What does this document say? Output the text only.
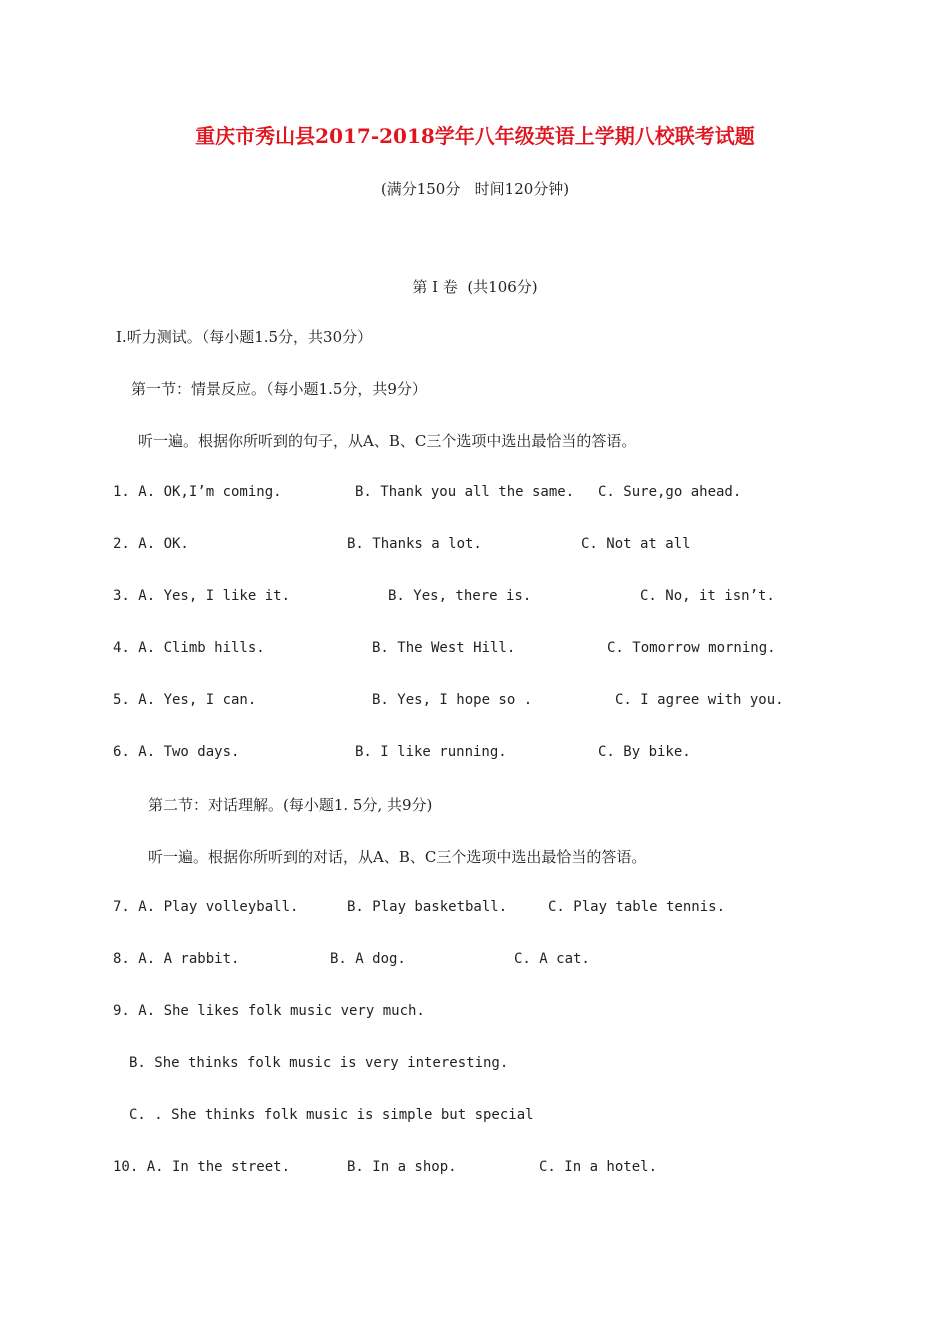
重庆市秀山县2017-2018学年八年级英语上学期八校联考试题
(满分150分   时间120分钟)
第 I 卷  (共106分)
Ⅰ.听力测试。（每小题1.5分，共30分）
第一节：情景反应。（每小题1.5分，共9分）
听一遍。根据你所听到的句子，从A、B、C三个选项中选出最恰当的答语。
1. A. OK,I’m coming.	B. Thank you all the same. C. Sure,go ahead.
2. A. OK.	B. Thanks a lot.	C. Not at all
3. A. Yes, I like it.	B. Yes, there is.	C. No, it isn’t.
4. A. Climb hills.	B. The West Hill.	C. Tomorrow morning.
5. A. Yes, I can.	B. Yes, I hope so .	C. I agree with you.
6. A. Two days.	B. I like running.	C. By bike.
第二节：对话理解。(每小题1. 5分, 共9分)
听一遍。根据你所听到的对话，从A、B、C三个选项中选出最恰当的答语。
7. A. Play volleyball.	B. Play basketball.	C. Play table tennis.
8. A. A rabbit.	B. A dog.	C. A cat.
9. A. She likes folk music very much.
B. She thinks folk music is very interesting.
C. . She thinks folk music is simple but special
10. A. In the street.	B. In a shop.	C. In a hotel.
